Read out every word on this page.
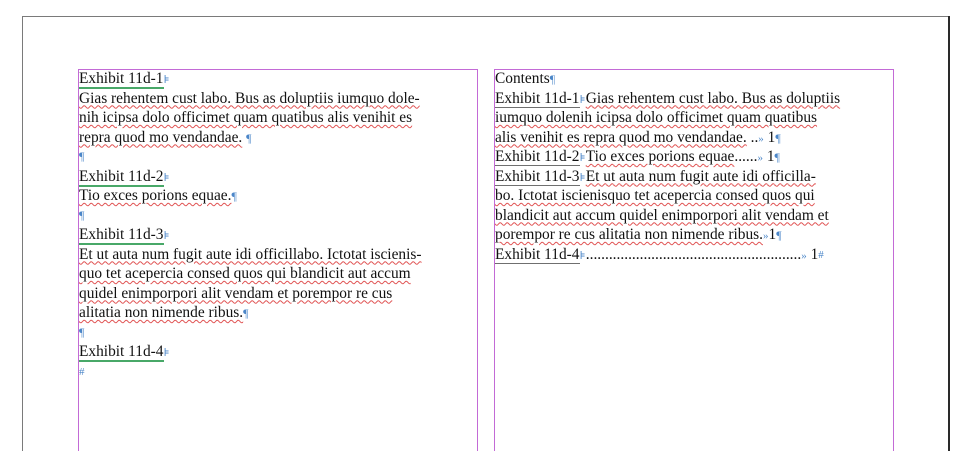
Exhibit 11d-1⊧
Gias rehentem cust labo. Bus as doluptiis iumquo dole-
nih icipsa dolo officimet quam quatibus alis venihit es
repra quod mo vendandae. ¶
¶
Exhibit 11d-2⊧
Tio exces porions equae.¶
¶
Exhibit 11d-3⊧
Et ut auta num fugit aute idi officillabo. Ictotat iscienis-
quo tet acepercia consed quos qui blandicit aut accum
quidel enimporpori alit vendam et porempor re cus
alitatia non nimende ribus.¶
¶
Exhibit 11d-4⊧
#
Contents¶
Exhibit 11d-1⊧Gias rehentem cust labo. Bus as doluptiis
iumquo dolenih icipsa dolo officimet quam quatibus
alis venihit es repra quod mo vendandae. ..» 1¶
Exhibit 11d-2⊧Tio exces porions equae......» 1¶
Exhibit 11d-3⊧Et ut auta num fugit aute idi officilla-
bo. Ictotat iscienisquo tet acepercia consed quos qui
blandicit aut accum quidel enimporpori alit vendam et
porempor re cus alitatia non nimende ribus.»1¶
Exhibit 11d-4⊧........................................................» 1#
